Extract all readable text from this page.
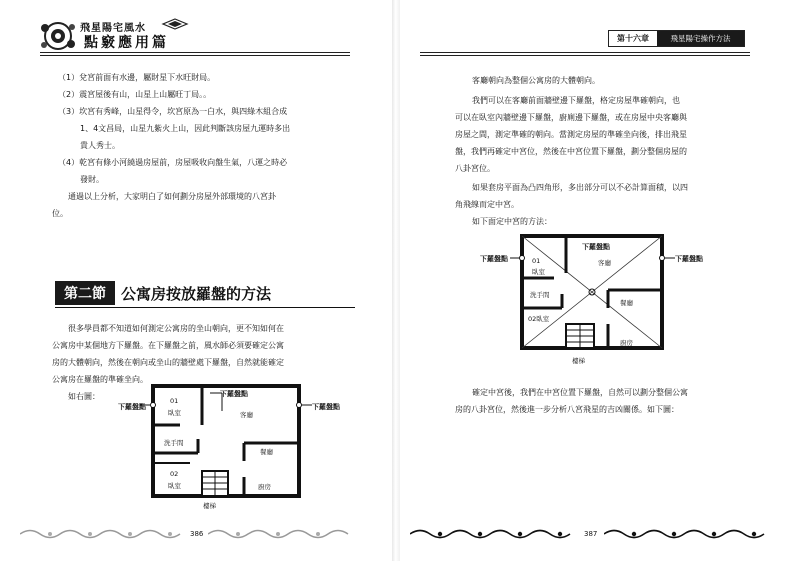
飛星陽宅風水
點竅應用篇
（1）兌宮前面有水邊，屬財星下水旺財局。
（2）震宮屋後有山，山星上山屬旺丁局。。
（3）坎宮有秀峰，山星得令，坎宮原為一白水，與四綠木組合成
1、4文昌局，山星九紫火上山，因此判斷該房屋九運時多出
貴人秀士。
（4）乾宮有條小河繞過房屋前，房屋吸收向盤生氣，八運之時必
發財。
通過以上分析，大家明白了如何劃分房屋外部環境的八宮卦
位。
第二節	公寓房按放羅盤的方法
很多學員都不知道如何測定公寓房的坐山朝向，更不知如何在
公寓房中某個地方下羅盤。在下羅盤之前，風水師必須要確定公寓
房的大體朝向，然後在朝向或坐山的牆壁處下羅盤，自然就能確定
公寓房在羅盤的準確坐向。
如右圖：
下羅盤點	下羅盤點
下羅盤點
01
臥室	客廳
洗手間
餐廳
02
臥室	廚房
樓梯
386
第十六章	飛星陽宅操作方法
客廳朝向為整個公寓房的大體朝向。
我們可以在客廳前面牆壁邊下羅盤，格定房屋準確朝向，也
可以在臥室內牆壁邊下羅盤，廚廁邊下羅盤，或在房屋中央客廳與
房屋之間，測定準確的朝向。當測定房屋的準確坐向後，排出飛星
盤，我們再確定中宮位，然後在中宮位置下羅盤，劃分整個房屋的
八卦宮位。
如果套房平面為凸四角形，多出部分可以不必計算面積，以四
角飛線而定中宮。
如下面定中宮的方法：
下羅盤點	下羅盤點
下羅盤點
01
臥室
客廳
洗手間
餐廳
02臥室
廚房
樓梯
確定中宮後，我們在中宮位置下羅盤，自然可以劃分整個公寓
房的八卦宮位，然後進一步分析八宮飛星的吉凶關係。如下圖：
387
